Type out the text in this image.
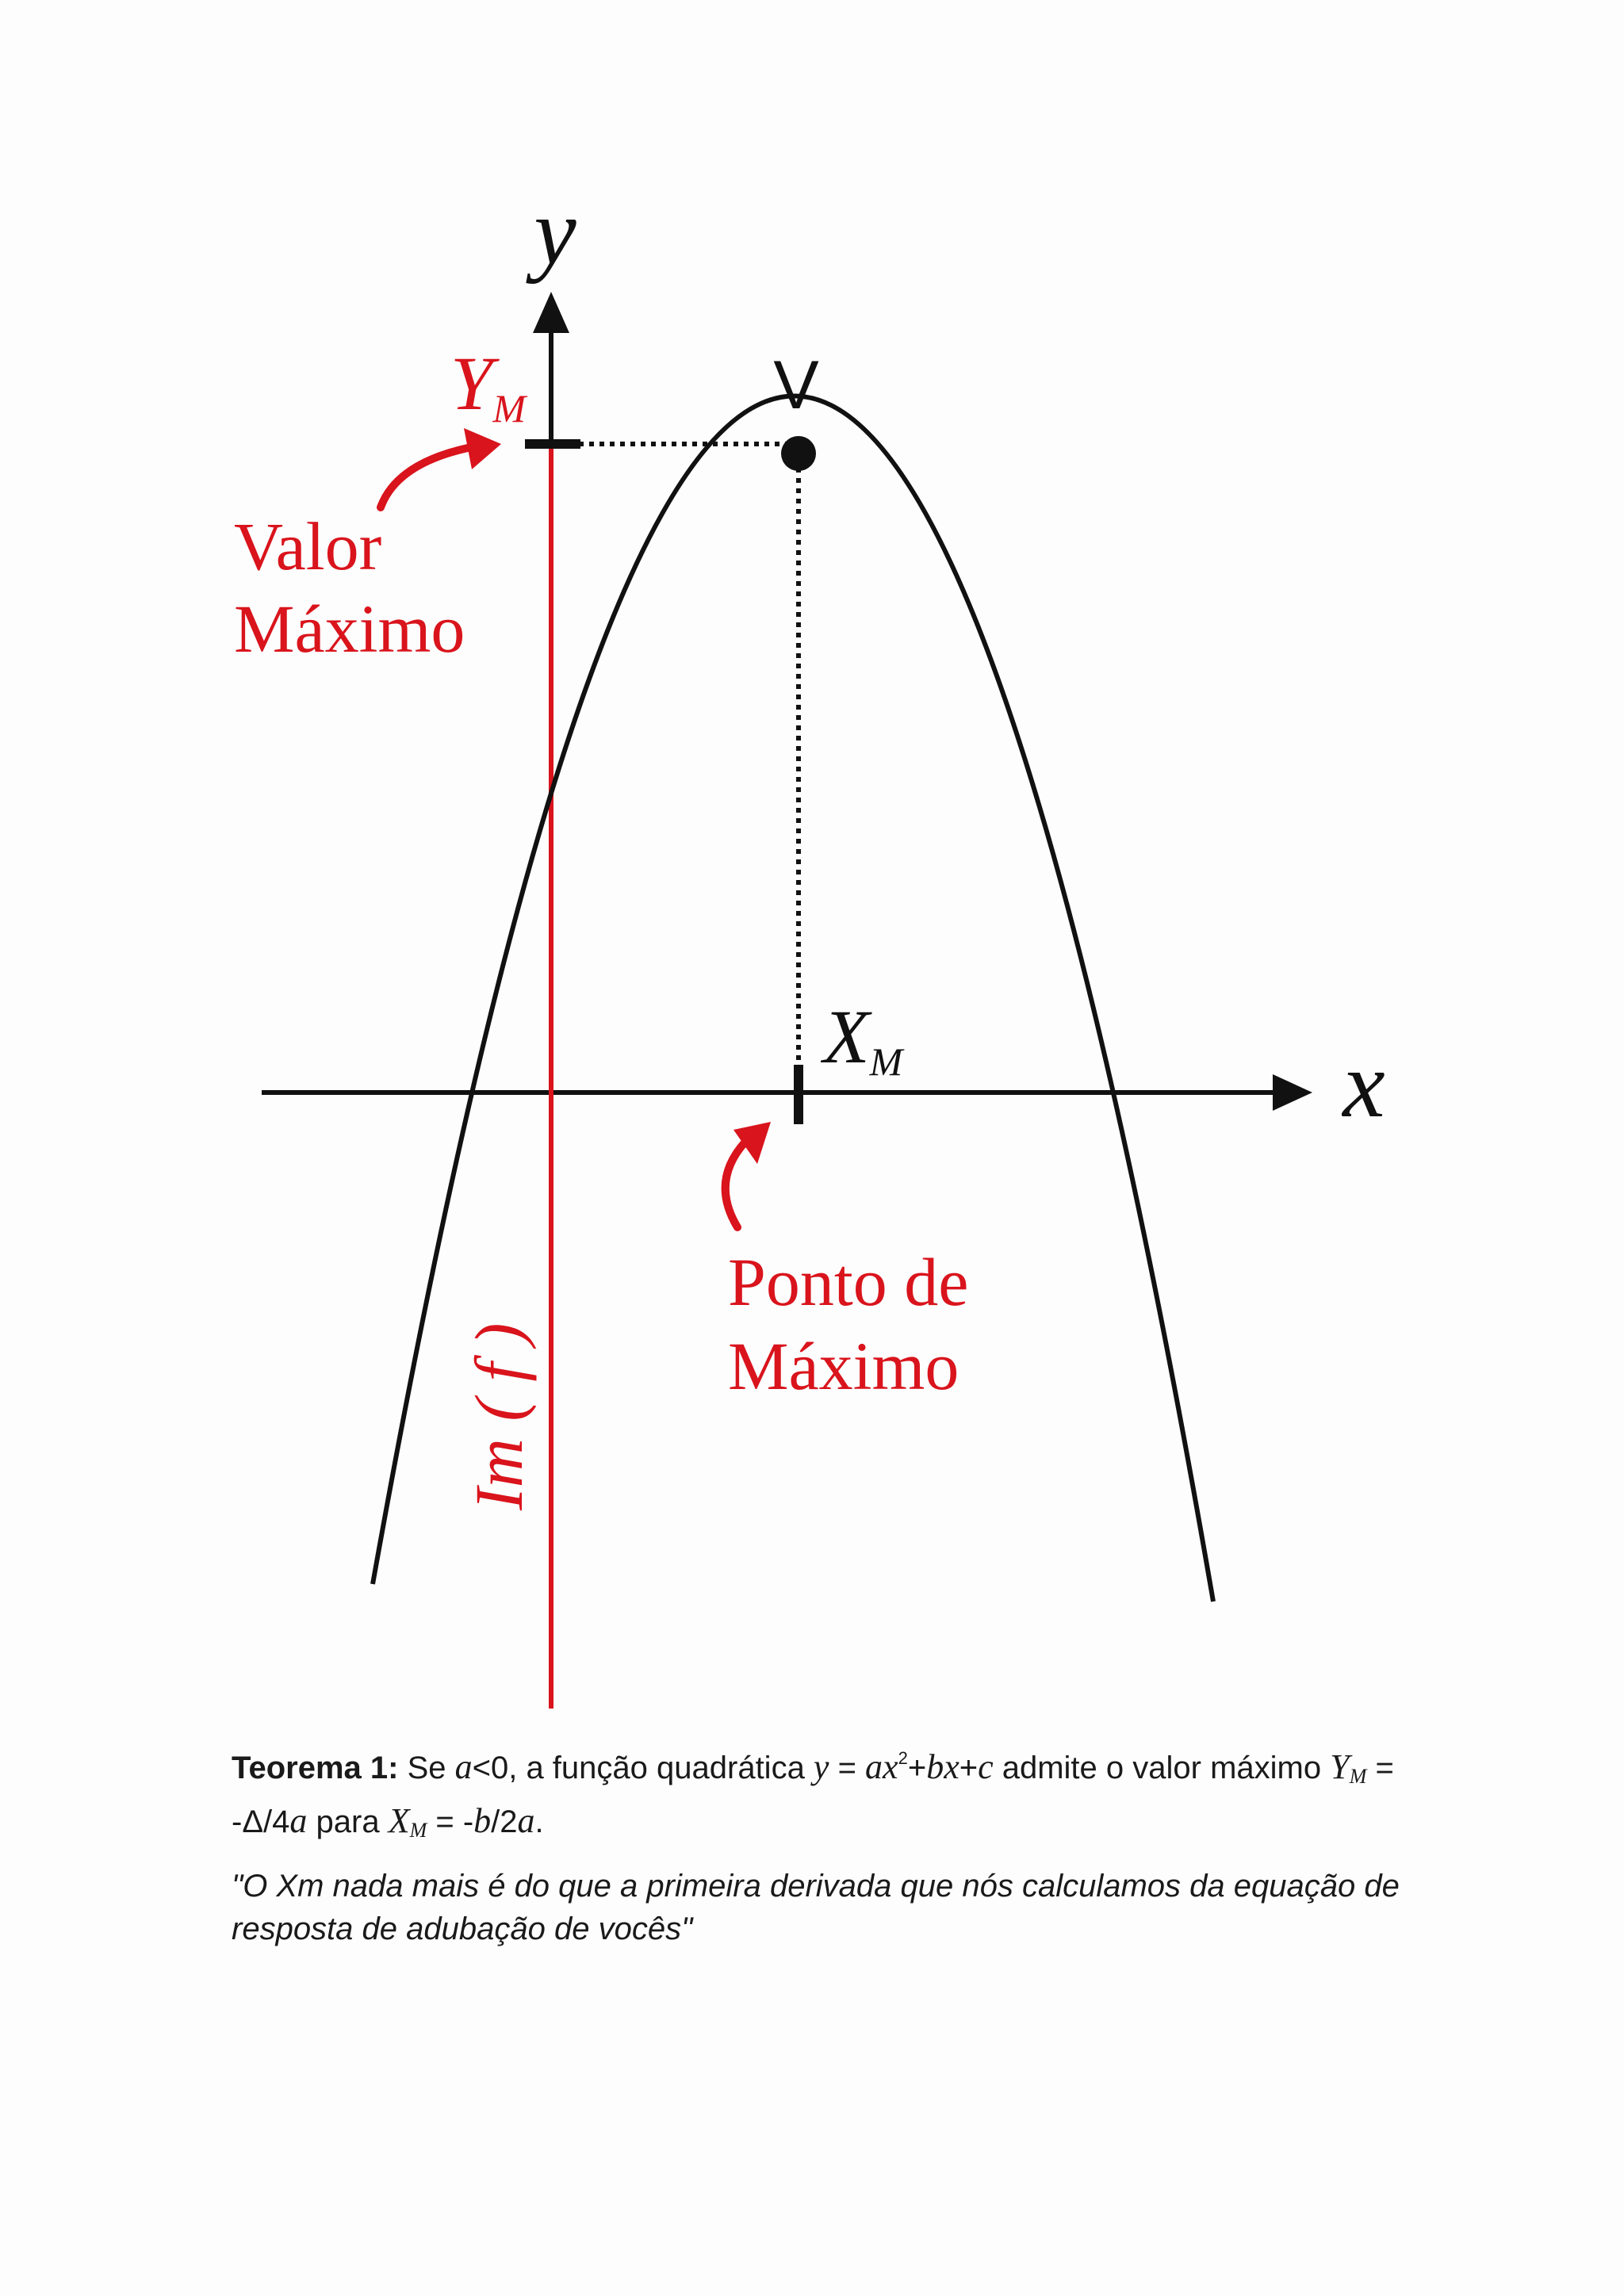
y
x
V
YM
XM
Valor Máximo
Ponto de Máximo
Im ( f )
Teorema 1: Se a<0, a função quadrática $y = ax^2+bx+c$ admite o valor máximo $Y_M = -\Delta/4a$ para $X_M = -b/2a$.
"O Xm nada mais é do que a primeira derivada que nós calculamos da equação de resposta de adubação de vocês"
